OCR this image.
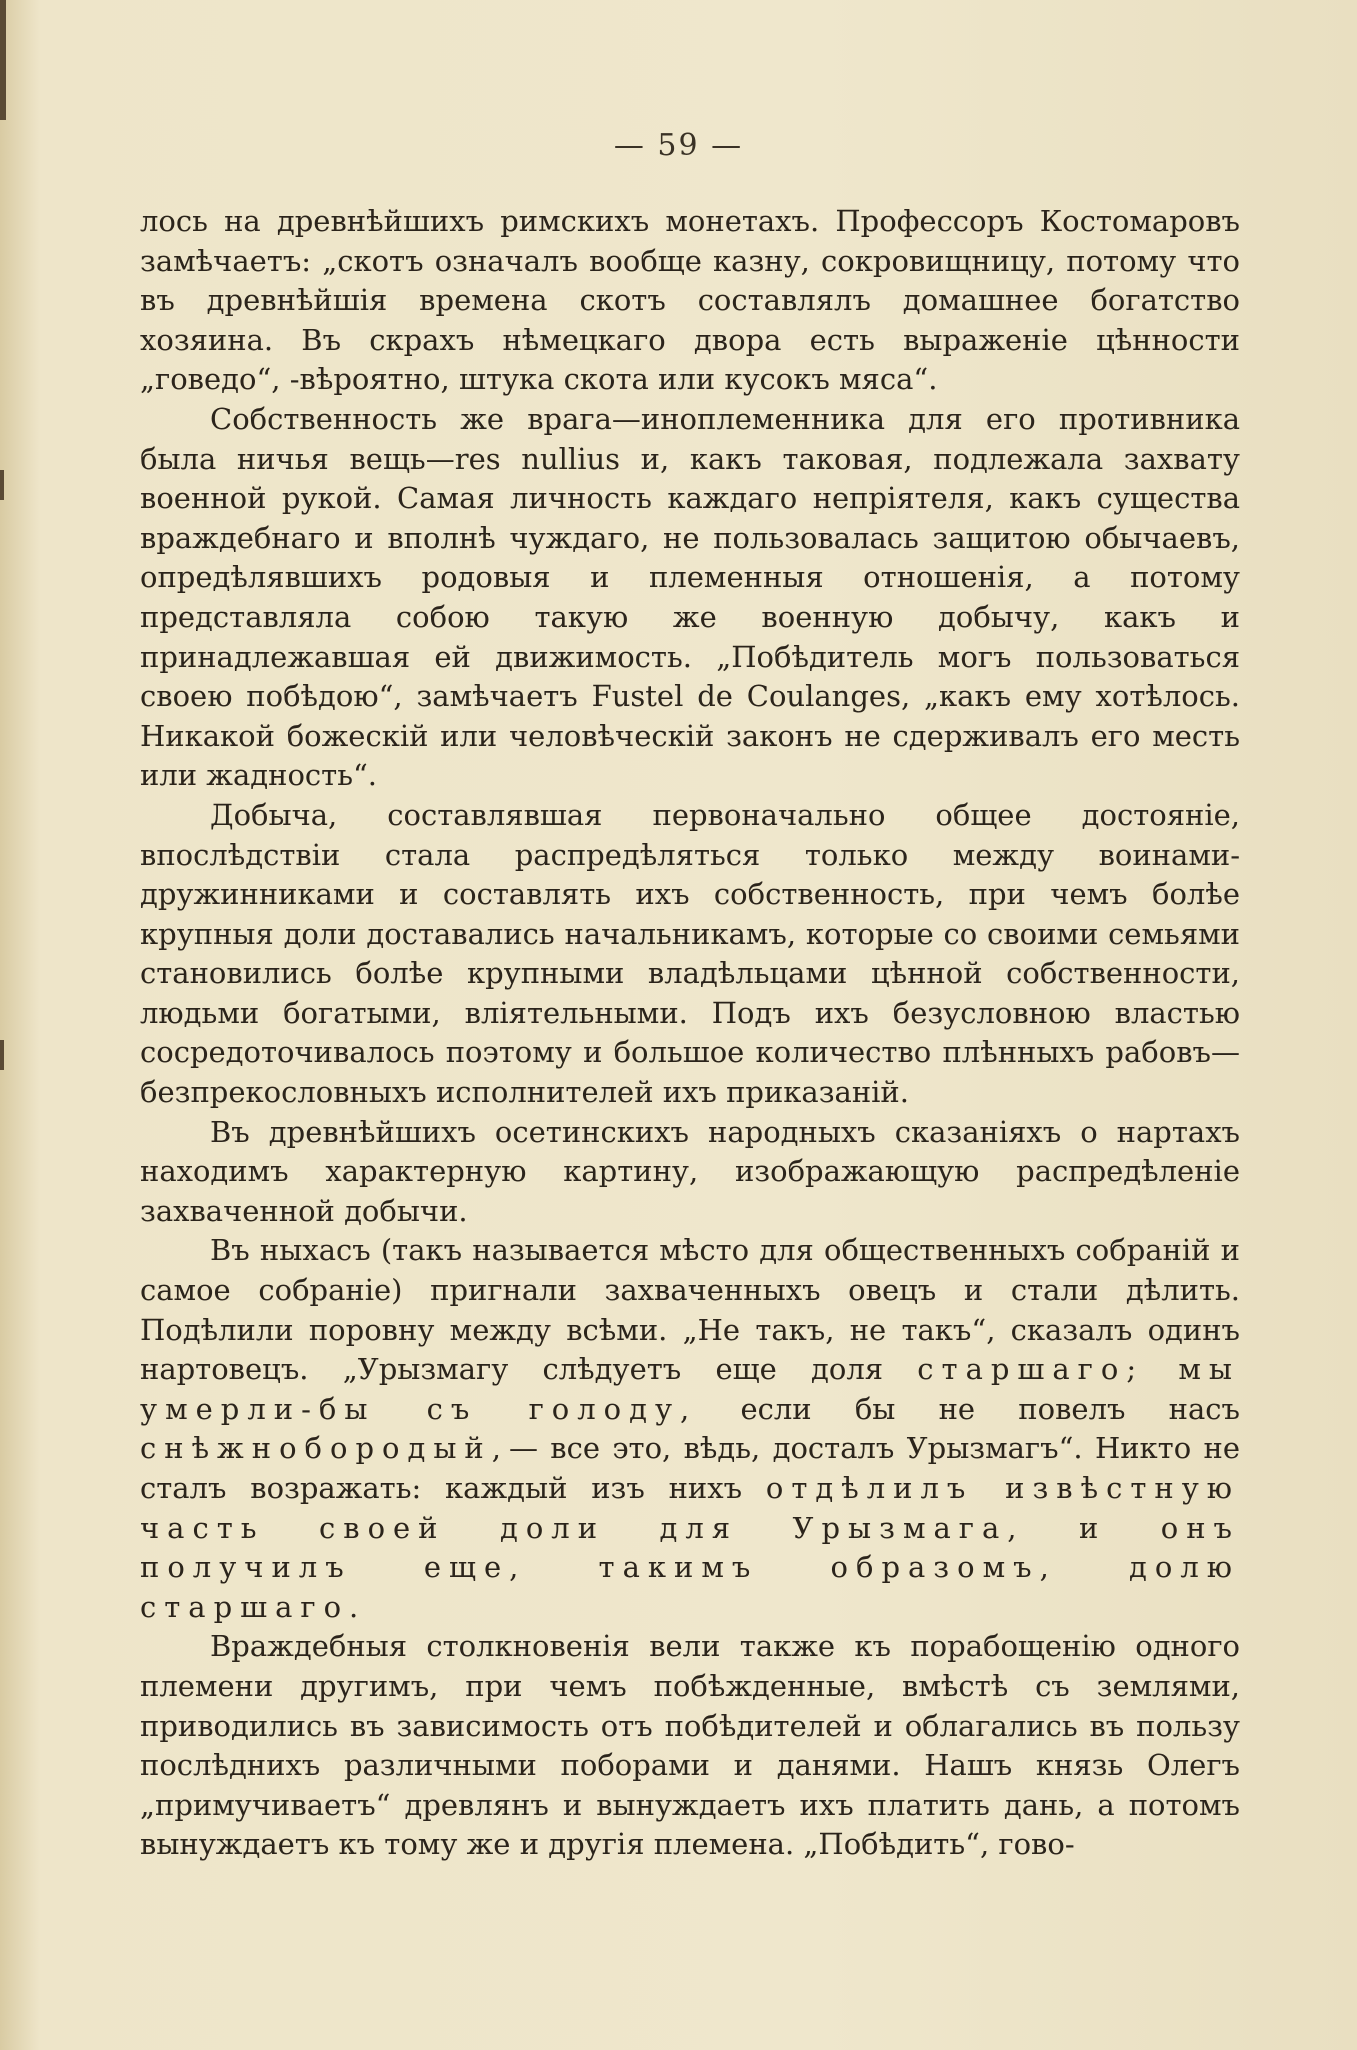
— 59 —

лось на древнѣйшихъ римскихъ монетахъ. Профессоръ Костомаровъ замѣчаетъ: „скотъ означалъ вообще казну, сокровищницу, потому что въ древнѣйшія времена скотъ составлялъ домашнее богатство хозяина. Въ скрахъ нѣмецкаго двора есть выраженіе цѣнности „говедо“, -вѣроятно, штука скота или кусокъ мяса“.

Собственность же врага—иноплеменника для его противника была ничья вещь—res nullius и, какъ таковая, подлежала захвату военной рукой. Самая личность каждаго непріятеля, какъ существа враждебнаго и вполнѣ чуждаго, не пользовалась защитою обычаевъ, опредѣлявшихъ родовыя и племенныя отношенія, а потому представляла собою такую же военную добычу, какъ и принадлежавшая ей движимость. „Побѣдитель могъ пользоваться своею побѣдою“, замѣчаетъ Fustel de Coulanges, „какъ ему хотѣлось. Никакой божескій или человѣческій законъ не сдерживалъ его месть или жадность“.

Добыча, составлявшая первоначально общее достояніе, впослѣдствіи стала распредѣляться только между воинами-дружинниками и составлять ихъ собственность, при чемъ болѣе крупныя доли доставались начальникамъ, которые со своими семьями становились болѣе крупными владѣльцами цѣнной собственности, людьми богатыми, вліятельными. Подъ ихъ безусловною властью сосредоточивалось поэтому и большое количество плѣнныхъ рабовъ—безпрекословныхъ исполнителей ихъ приказаній.

Въ древнѣйшихъ осетинскихъ народныхъ сказаніяхъ о нартахъ находимъ характерную картину, изображающую распредѣленіе захваченной добычи.

Въ ныхасъ (такъ называется мѣсто для общественныхъ собраній и самое собраніе) пригнали захваченныхъ овецъ и стали дѣлить. Подѣлили поровну между всѣми. „Не такъ, не такъ“, сказалъ одинъ нартовецъ. „Урызмагу слѣдуетъ еще доля старшаго; мы умерли-бы съ голоду, если бы не повелъ насъ снѣжнобородый,— все это, вѣдь, досталъ Урызмагъ“. Никто не сталъ возражать: каждый изъ нихъ отдѣлилъ извѣстную часть своей доли для Урызмага, и онъ получилъ еще, такимъ образомъ, долю старшаго.

Враждебныя столкновенія вели также къ порабощенію одного племени другимъ, при чемъ побѣжденные, вмѣстѣ съ землями, приводились въ зависимость отъ побѣдителей и облагались въ пользу послѣднихъ различными поборами и данями. Нашъ князь Олегъ „примучиваетъ“ древлянъ и вынуждаетъ ихъ платить дань, а потомъ вынуждаетъ къ тому же и другія племена. „Побѣдить“, гово-
